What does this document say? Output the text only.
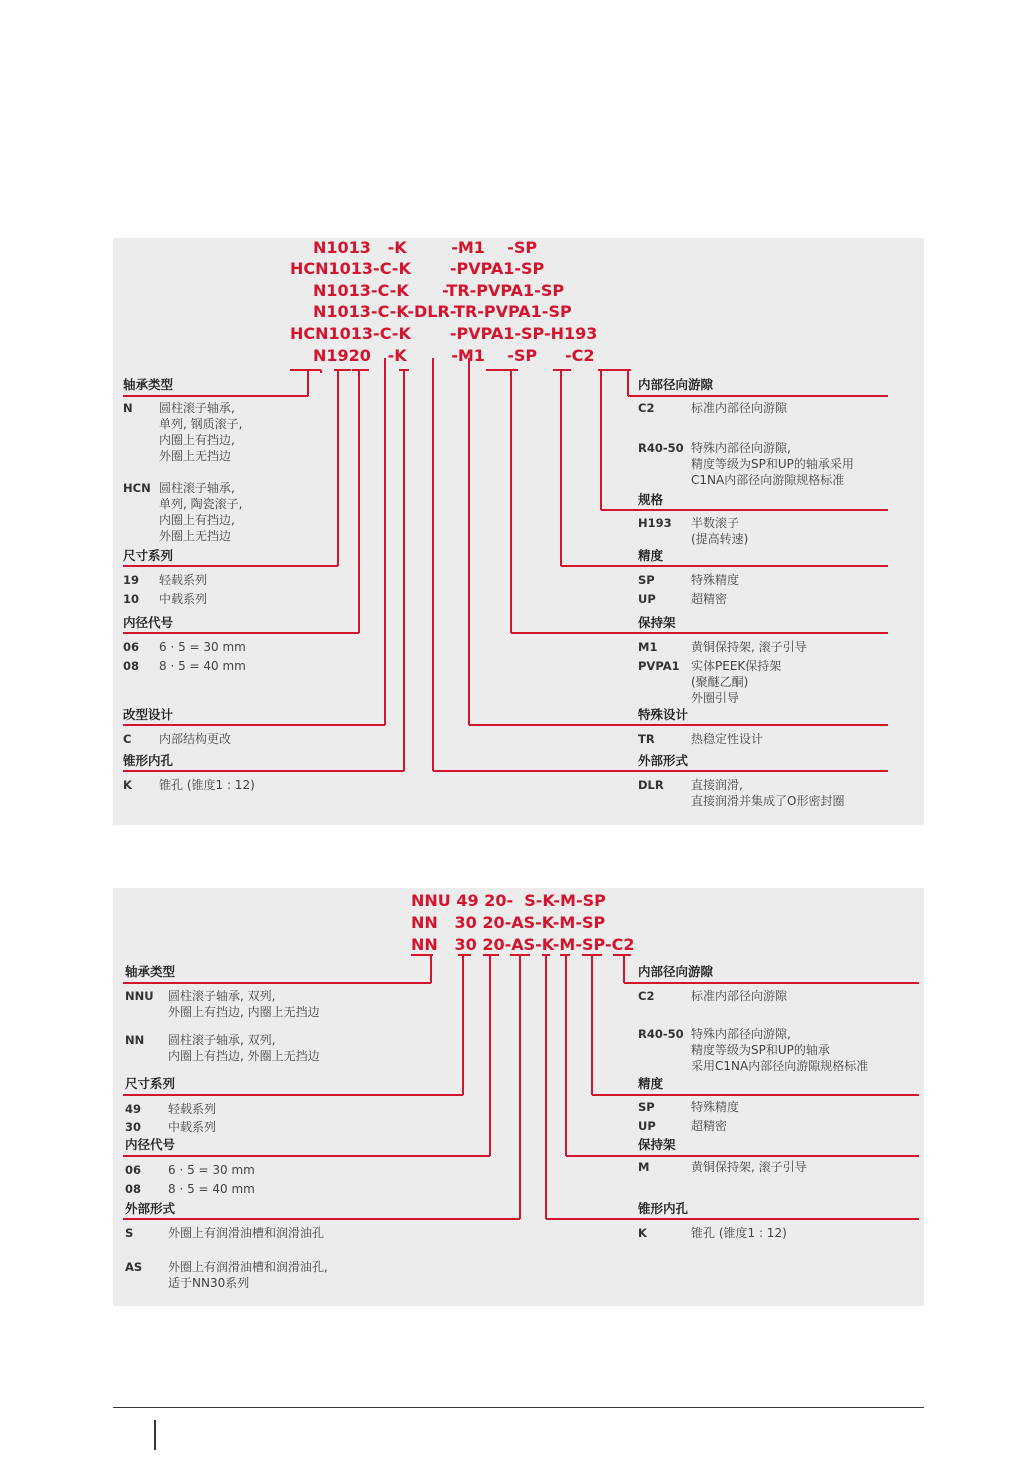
N1013   -K        -M1    -SP
HCN1013-C-K       -PVPA1-SP
N1013-C-K      -TR-PVPA1-SP
N1013-C-K-DLR-TR-PVPA1-SP
HCN1013-C-K       -PVPA1-SP-H193
N1920   -K        -M1    -SP     -C2
轴承类型
N 圆柱滚子轴承,
单列, 钢质滚子,
内圈上有挡边,
外圈上无挡边
HCN 圆柱滚子轴承,
单列, 陶瓷滚子,
内圈上有挡边,
外圈上无挡边
尺寸系列
19 轻载系列
10 中载系列
内径代号
06 6 · 5 = 30 mm
08 8 · 5 = 40 mm
改型设计
C 内部结构更改
锥形内孔
K 锥孔 (锥度1 : 12)
内部径向游隙
C2	标准内部径向游隙
R40-50 特殊内部径向游隙,
精度等级为SP和UP的轴承采用
C1NA内部径向游隙规格标准
规格
H193 半数滚子
(提高转速)
精度
SP	特殊精度
UP	超精密
保持架
M1	黄铜保持架, 滚子引导
PVPA1 实体PEEK保持架
(聚醚乙酮)
外圈引导
特殊设计
TR	热稳定性设计
外部形式
DLR 直接润滑,
直接润滑并集成了O形密封圈
NNU 49 20-  S-K-M-SP
NN   30 20-AS-K-M-SP
NN   30 20-AS-K-M-SP-C2
轴承类型
NNU 圆柱滚子轴承, 双列,
外圈上有挡边, 内圈上无挡边
NN 圆柱滚子轴承, 双列,
内圈上有挡边, 外圈上无挡边
尺寸系列
49 轻载系列
30 中载系列
内径代号
06 6 · 5 = 30 mm
08 8 · 5 = 40 mm
外部形式
S	外圈上有润滑油槽和润滑油孔
AS 外圈上有润滑油槽和润滑油孔,
适于NN30系列
内部径向游隙
C2	标准内部径向游隙
R40-50 特殊内部径向游隙,
精度等级为SP和UP的轴承
采用C1NA内部径向游隙规格标准
精度
SP	特殊精度
UP	超精密
保持架
M	黄铜保持架, 滚子引导
锥形内孔
K	锥孔 (锥度1 : 12)
